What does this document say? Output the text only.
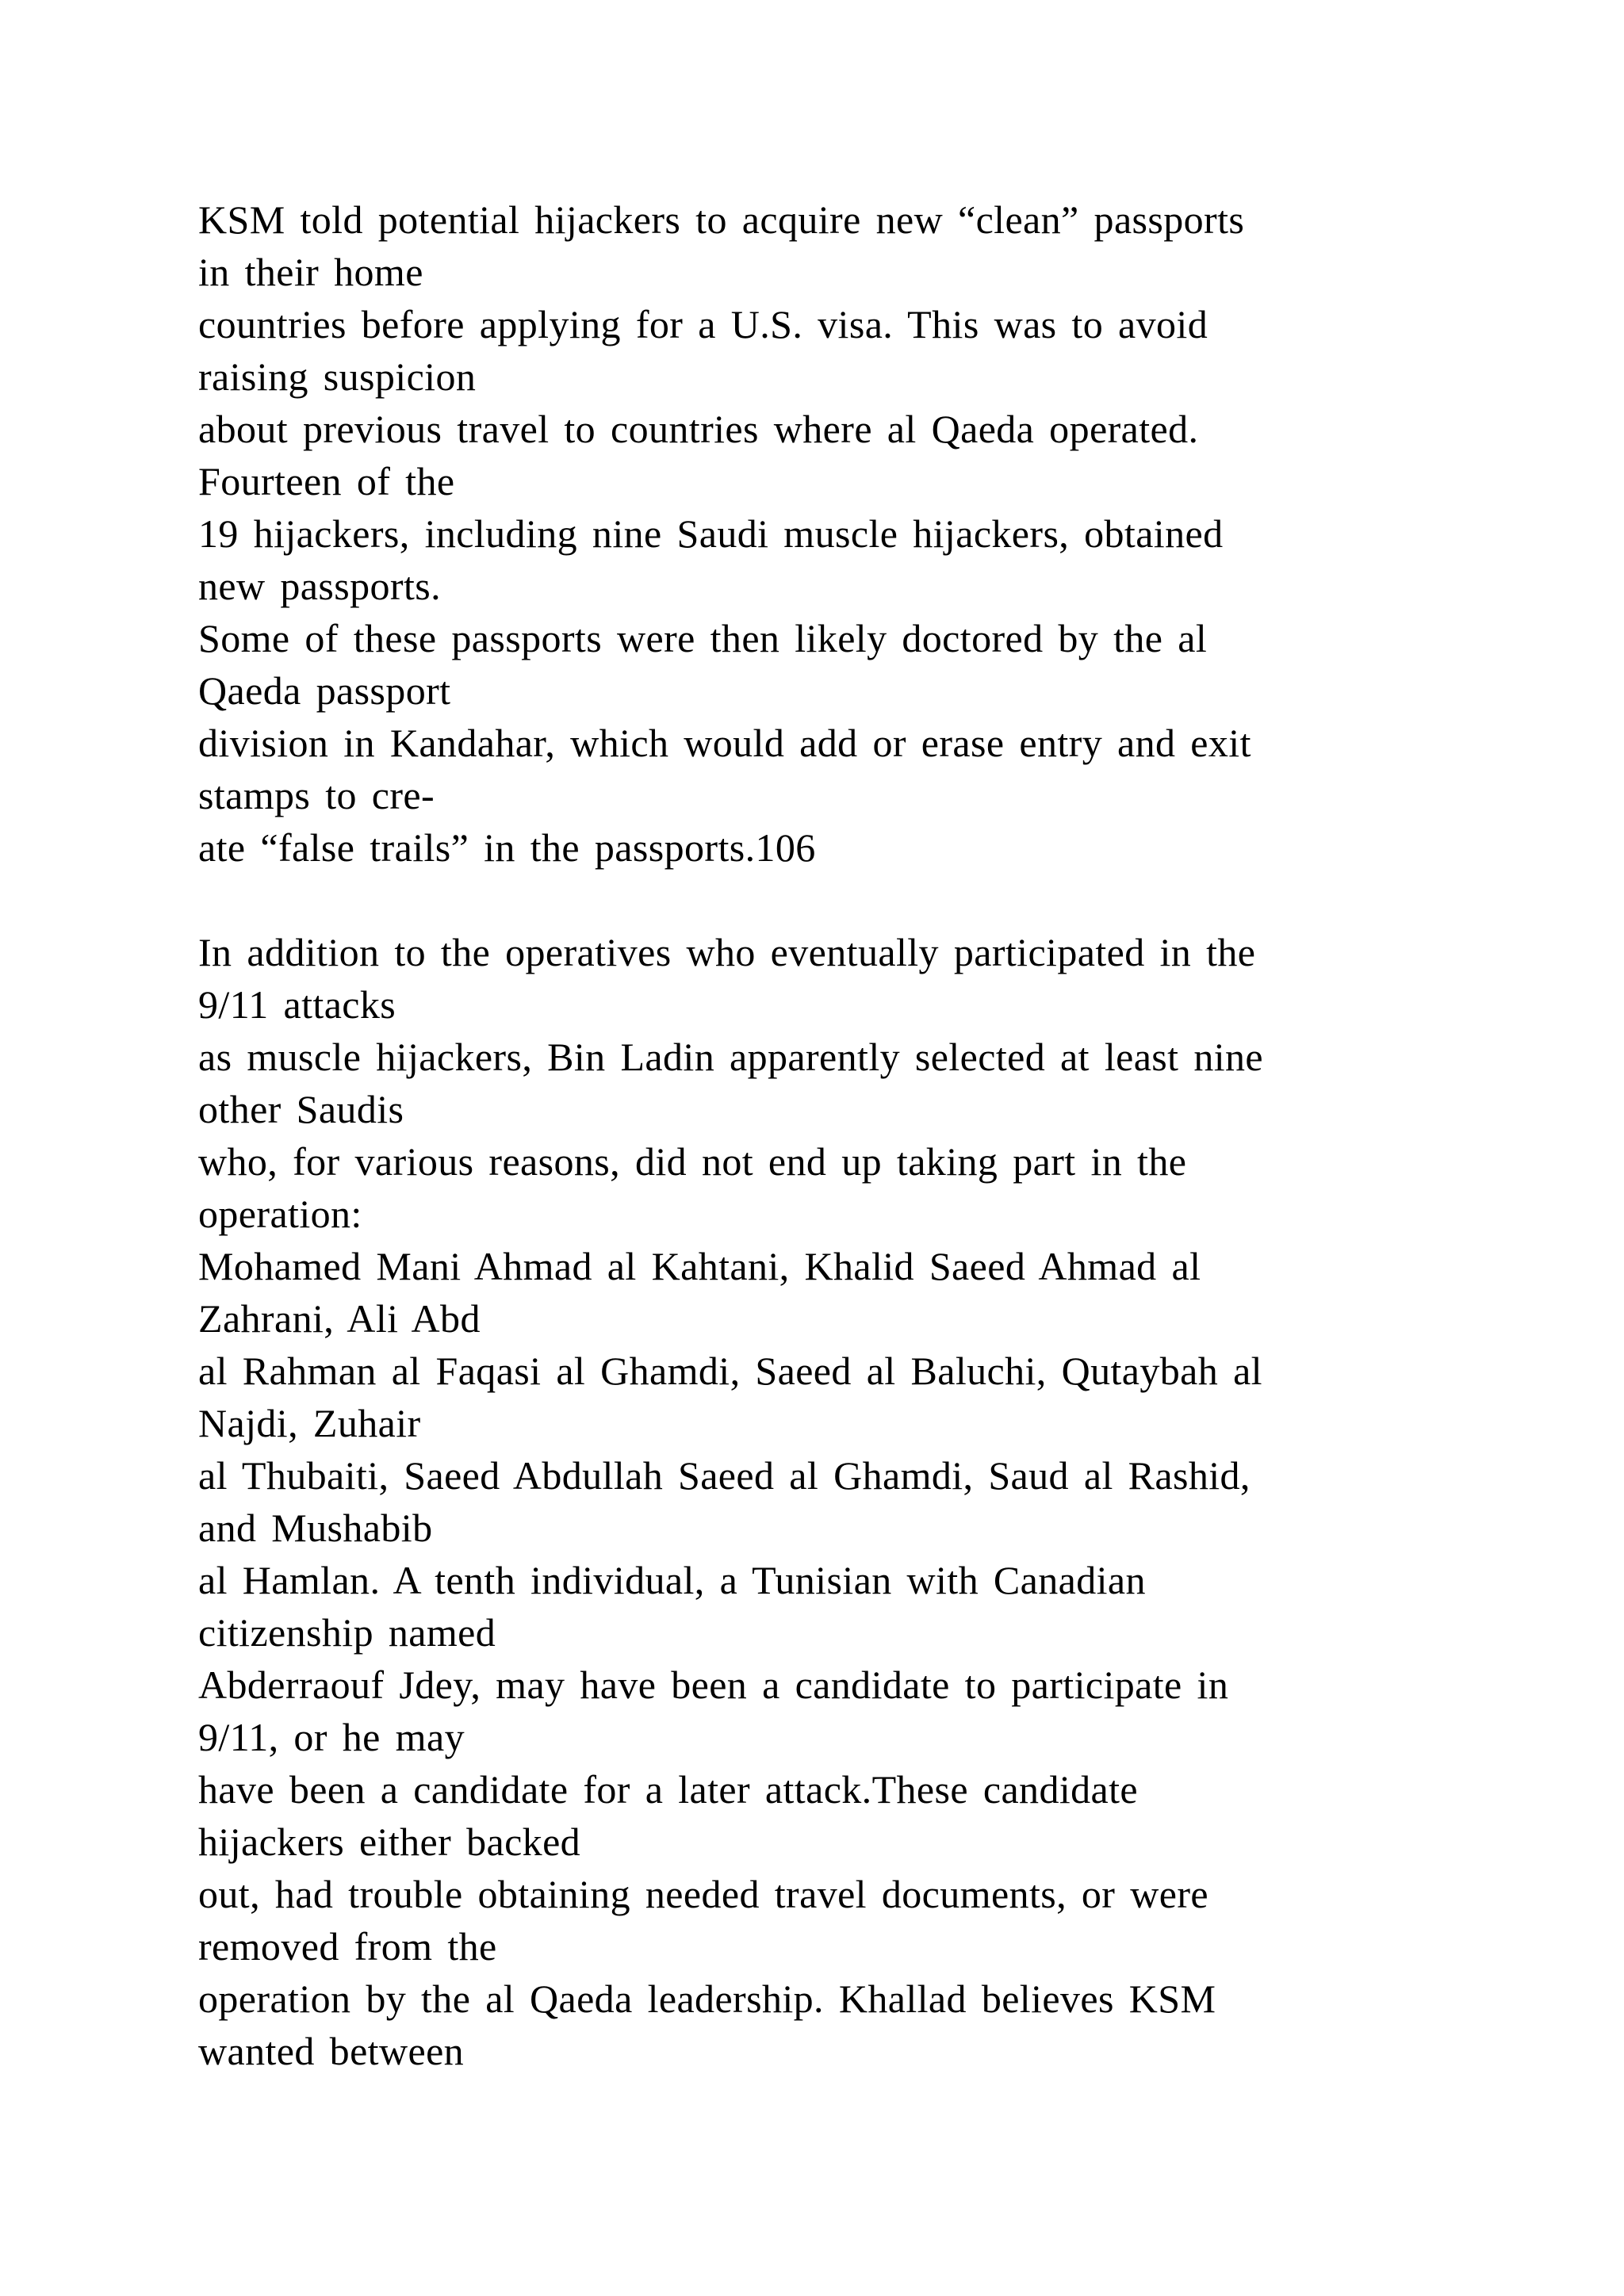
KSM told potential hijackers to acquire new “clean” passports
in their home
countries before applying for a U.S. visa. This was to avoid
raising suspicion
about previous travel to countries where al Qaeda operated.
Fourteen of the
19 hijackers, including nine Saudi muscle hijackers, obtained
new passports.
Some of these passports were then likely doctored by the al
Qaeda passport
division in Kandahar, which would add or erase entry and exit
stamps to cre-
ate “false trails” in the passports.106
In addition to the operatives who eventually participated in the
9/11 attacks
as muscle hijackers, Bin Ladin apparently selected at least nine
other Saudis
who, for various reasons, did not end up taking part in the
operation:
Mohamed Mani Ahmad al Kahtani, Khalid Saeed Ahmad al
Zahrani, Ali Abd
al Rahman al Faqasi al Ghamdi, Saeed al Baluchi, Qutaybah al
Najdi, Zuhair
al Thubaiti, Saeed Abdullah Saeed al Ghamdi, Saud al Rashid,
and Mushabib
al Hamlan. A tenth individual, a Tunisian with Canadian
citizenship named
Abderraouf Jdey, may have been a candidate to participate in
9/11, or he may
have been a candidate for a later attack.These candidate
hijackers either backed
out, had trouble obtaining needed travel documents, or were
removed from the
operation by the al Qaeda leadership. Khallad believes KSM
wanted between
